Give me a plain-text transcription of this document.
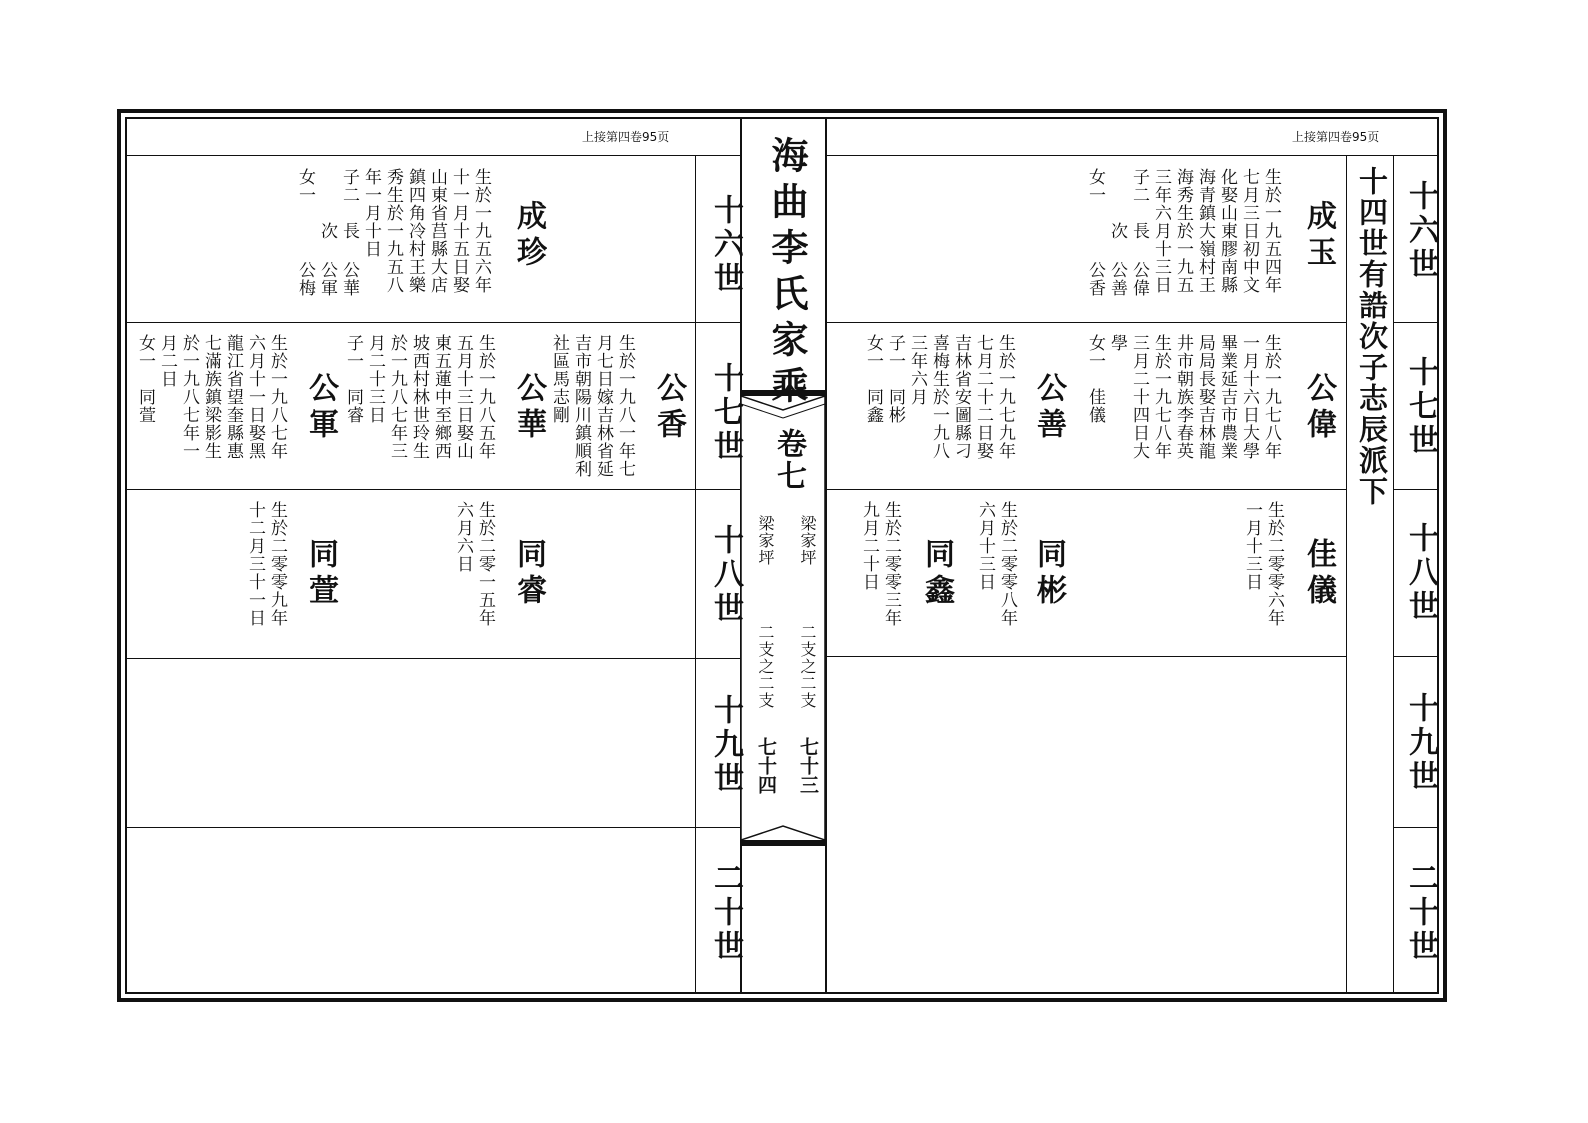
海曲李氏家乘
卷七
梁家坪
二支之二支
七十三
梁家坪
二支之二支
七十四
上接第四卷95页
十六世
十七世
十八世
十九世
二十世
上接第四卷95页
十四世有誥次子志辰派下 十六世
十七世
十八世
十九世
二十世
成玉
生於一九五四年
七月三日初中文
化娶山東膠南縣
海青鎮大嶺村王
海秀生於一九五
三年六月十三日
子二　長 公偉
　　　次 公善
女一　　 公香
公偉
生於一九七八年
一月十六日大學
畢業延吉市農業
局局長娶吉林龍
井市朝族李春英
生於一九七八年
三月二十四日大
學
女一　佳儀
公善
生於一九七九年
七月二十二日娶
吉林省安圖縣刁
喜梅生於一九八
三年六月
子一　同彬
女一　同鑫
佳儀
生於二零零六年
一月十三日
同彬
生於二零零八年
六月十三日
同鑫
生於二零零三年
九月二十日
成珍
生於一九五六年
十一月十五日娶
山東省莒縣大店
鎮四角冷村王樂
秀生於一九五八
年一月十日
子二　長 公華
　　　次 公軍
女一　　 公梅
公香
生於一九八一年七
月七日嫁吉林省延
吉市朝陽川鎮順利
社區馬志剛
公華
生於一九八五年
五月十三日娶山
東五蓮中至鄉西
坡西村林世玲生
於一九八七年三
月二十三日
子一　同睿
公軍
生於一九八七年
六月十一日娶黑
龍江省望奎縣惠
七滿族鎮梁影生
於一九八七年一
月二日
女一　同萱
同睿
生於二零一五年
六月六日
同萱
生於二零零九年
十二月三十一日
